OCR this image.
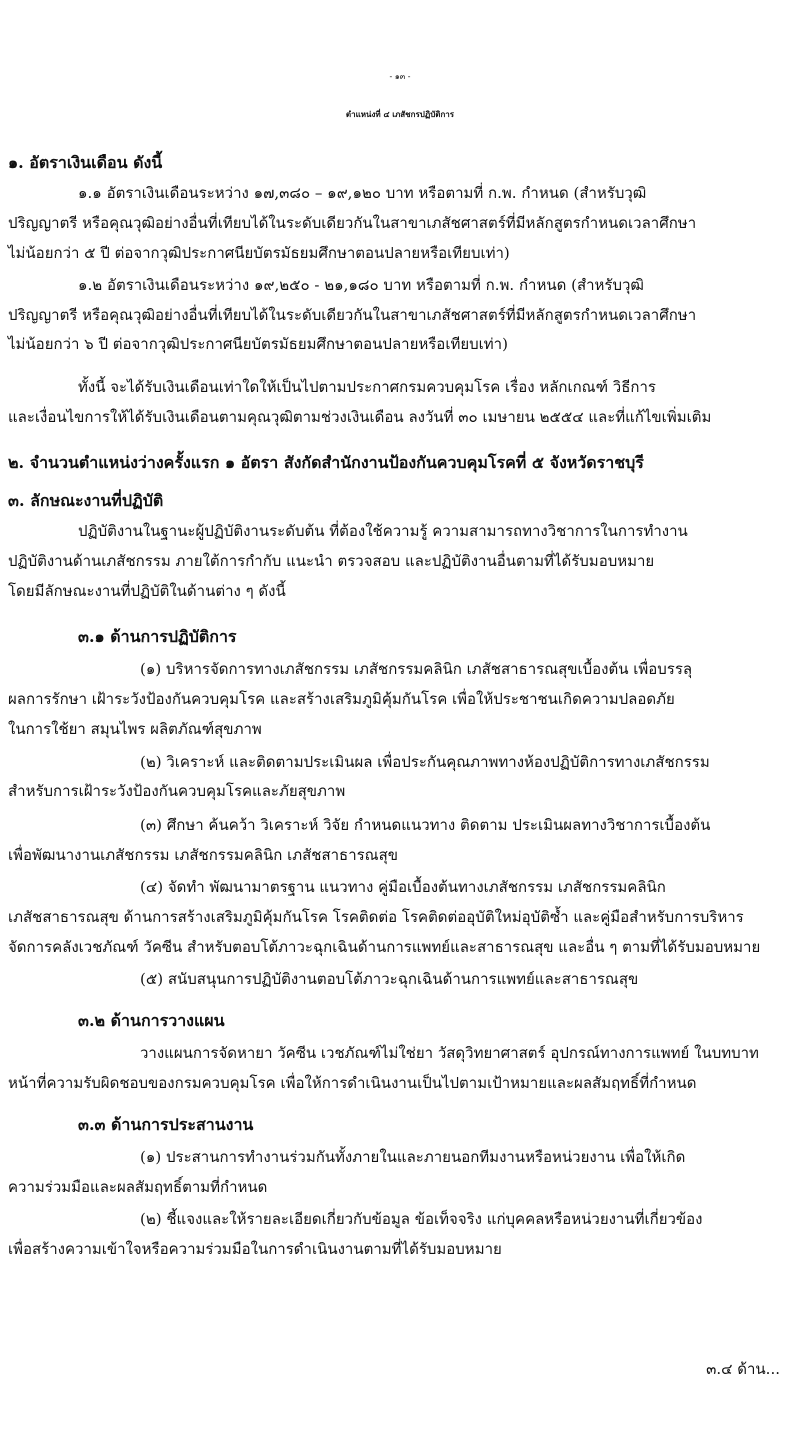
- ๑๓ -
ตำแหน่งที่ ๔ เภสัชกรปฏิบัติการ
๑. อัตราเงินเดือน ดังนี้
๑.๑ อัตราเงินเดือนระหว่าง ๑๗,๓๘๐ – ๑๙,๑๒๐ บาท หรือตามที่ ก.พ. กำหนด (สำหรับวุฒิ
ปริญญาตรี หรือคุณวุฒิอย่างอื่นที่เทียบได้ในระดับเดียวกันในสาขาเภสัชศาสตร์ที่มีหลักสูตรกำหนดเวลาศึกษา
ไม่น้อยกว่า ๕ ปี ต่อจากวุฒิประกาศนียบัตรมัธยมศึกษาตอนปลายหรือเทียบเท่า)
๑.๒ อัตราเงินเดือนระหว่าง ๑๙,๒๕๐ - ๒๑,๑๘๐ บาท หรือตามที่ ก.พ. กำหนด (สำหรับวุฒิ
ปริญญาตรี หรือคุณวุฒิอย่างอื่นที่เทียบได้ในระดับเดียวกันในสาขาเภสัชศาสตร์ที่มีหลักสูตรกำหนดเวลาศึกษา
ไม่น้อยกว่า ๖ ปี ต่อจากวุฒิประกาศนียบัตรมัธยมศึกษาตอนปลายหรือเทียบเท่า)
ทั้งนี้ จะได้รับเงินเดือนเท่าใดให้เป็นไปตามประกาศกรมควบคุมโรค เรื่อง หลักเกณฑ์ วิธีการ
และเงื่อนไขการให้ได้รับเงินเดือนตามคุณวุฒิตามช่วงเงินเดือน ลงวันที่ ๓๐ เมษายน ๒๕๕๔ และที่แก้ไขเพิ่มเติม
๒. จำนวนตำแหน่งว่างครั้งแรก ๑ อัตรา สังกัดสำนักงานป้องกันควบคุมโรคที่ ๕ จังหวัดราชบุรี
๓. ลักษณะงานที่ปฏิบัติ
ปฏิบัติงานในฐานะผู้ปฏิบัติงานระดับต้น ที่ต้องใช้ความรู้ ความสามารถทางวิชาการในการทำงาน
ปฏิบัติงานด้านเภสัชกรรม ภายใต้การกำกับ แนะนำ ตรวจสอบ และปฏิบัติงานอื่นตามที่ได้รับมอบหมาย
โดยมีลักษณะงานที่ปฏิบัติในด้านต่าง ๆ ดังนี้
๓.๑ ด้านการปฏิบัติการ
(๑) บริหารจัดการทางเภสัชกรรม เภสัชกรรมคลินิก เภสัชสาธารณสุขเบื้องต้น เพื่อบรรลุ
ผลการรักษา เฝ้าระวังป้องกันควบคุมโรค และสร้างเสริมภูมิคุ้มกันโรค เพื่อให้ประชาชนเกิดความปลอดภัย
ในการใช้ยา สมุนไพร ผลิตภัณฑ์สุขภาพ
(๒) วิเคราะห์ และติดตามประเมินผล เพื่อประกันคุณภาพทางห้องปฏิบัติการทางเภสัชกรรม
สำหรับการเฝ้าระวังป้องกันควบคุมโรคและภัยสุขภาพ
(๓) ศึกษา ค้นคว้า วิเคราะห์ วิจัย กำหนดแนวทาง ติดตาม ประเมินผลทางวิชาการเบื้องต้น
เพื่อพัฒนางานเภสัชกรรม เภสัชกรรมคลินิก เภสัชสาธารณสุข
(๔) จัดทำ พัฒนามาตรฐาน แนวทาง คู่มือเบื้องต้นทางเภสัชกรรม เภสัชกรรมคลินิก
เภสัชสาธารณสุข ด้านการสร้างเสริมภูมิคุ้มกันโรค โรคติดต่อ โรคติดต่ออุบัติใหม่อุบัติซ้ำ และคู่มือสำหรับการบริหาร
จัดการคลังเวชภัณฑ์ วัคซีน สำหรับตอบโต้ภาวะฉุกเฉินด้านการแพทย์และสาธารณสุข และอื่น ๆ ตามที่ได้รับมอบหมาย
(๕) สนับสนุนการปฏิบัติงานตอบโต้ภาวะฉุกเฉินด้านการแพทย์และสาธารณสุข
๓.๒ ด้านการวางแผน
วางแผนการจัดหายา วัคซีน เวชภัณฑ์ไม่ใช่ยา วัสดุวิทยาศาสตร์ อุปกรณ์ทางการแพทย์ ในบทบาท
หน้าที่ความรับผิดชอบของกรมควบคุมโรค เพื่อให้การดำเนินงานเป็นไปตามเป้าหมายและผลสัมฤทธิ์ที่กำหนด
๓.๓ ด้านการประสานงาน
(๑) ประสานการทำงานร่วมกันทั้งภายในและภายนอกทีมงานหรือหน่วยงาน เพื่อให้เกิด
ความร่วมมือและผลสัมฤทธิ์ตามที่กำหนด
(๒) ชี้แจงและให้รายละเอียดเกี่ยวกับข้อมูล ข้อเท็จจริง แก่บุคคลหรือหน่วยงานที่เกี่ยวข้อง
เพื่อสร้างความเข้าใจหรือความร่วมมือในการดำเนินงานตามที่ได้รับมอบหมาย
๓.๔ ด้าน...
